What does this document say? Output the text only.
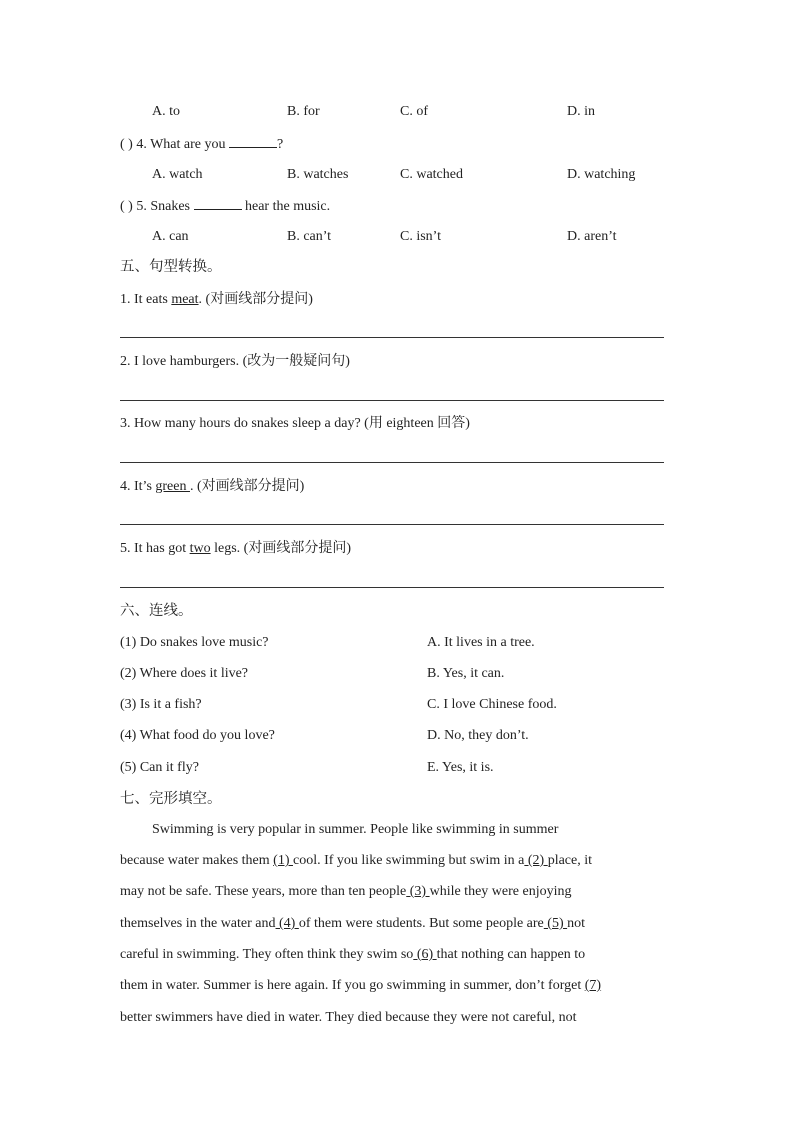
A. to	B. for	C. of	D. in
( ) 4. What are you	?
A. watch	B. watches	C. watched	D. watching
( ) 5. Snakes	hear the music.
A. can	B. can’t	C. isn’t	D. aren’t
五、句型转换。
1. It eats meat. (对画线部分提问)
2. I love hamburgers. (改为一般疑问句)
3. How many hours do snakes sleep a day? (用 eighteen 回答)
4. It’s green . (对画线部分提问)
5. It has got two legs. (对画线部分提问)
六、连线。
(1) Do snakes love music?	A. It lives in a tree.
(2) Where does it live?	B. Yes, it can.
(3) Is it a fish?	C. I love Chinese food.
(4) What food do you love?	D. No, they don’t.
(5) Can it fly?	E. Yes, it is.
七、完形填空。
Swimming is very popular in summer. People like swimming in summer
because water makes them (1) cool. If you like swimming but swim in a (2) place, it
may not be safe. These years, more than ten people (3) while they were enjoying
themselves in the water and (4) of them were students. But some people are (5) not
careful in swimming. They often think they swim so (6) that nothing can happen to
them in water. Summer is here again. If you go swimming in summer, don’t forget (7)
better swimmers have died in water. They died because they were not careful, not
